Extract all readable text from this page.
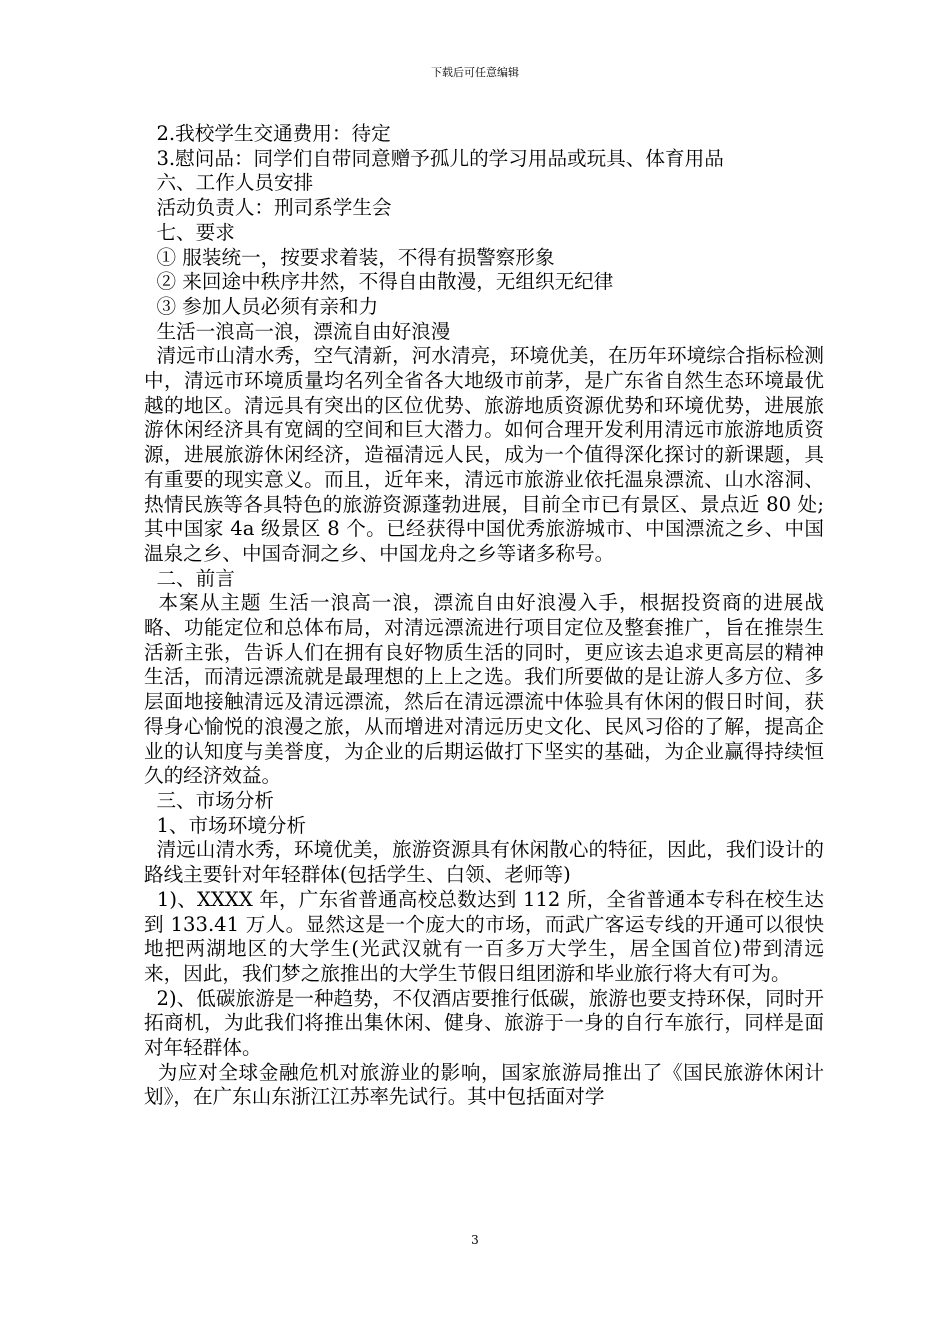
下载后可任意编辑

2.我校学生交通费用：待定

3.慰问品：同学们自带同意赠予孤儿的学习用品或玩具、体育用品

六、工作人员安排

活动负责人：刑司系学生会

七、要求

① 服装统一，按要求着装，不得有损警察形象

② 来回途中秩序井然，不得自由散漫，无组织无纪律

③ 参加人员必须有亲和力

生活一浪高一浪，漂流自由好浪漫

清远市山清水秀，空气清新，河水清亮，环境优美，在历年环境综合指标检测中，清远市环境质量均名列全省各大地级市前茅，是广东省自然生态环境最优越的地区。清远具有突出的区位优势、旅游地质资源优势和环境优势，进展旅游休闲经济具有宽阔的空间和巨大潜力。如何合理开发利用清远市旅游地质资源，进展旅游休闲经济，造福清远人民，成为一个值得深化探讨的新课题，具有重要的现实意义。而且，近年来，清远市旅游业依托温泉漂流、山水溶洞、热情民族等各具特色的旅游资源蓬勃进展，目前全市已有景区、景点近 80 处;其中国家 4a 级景区 8 个。已经获得中国优秀旅游城市、中国漂流之乡、中国温泉之乡、中国奇洞之乡、中国龙舟之乡等诸多称号。

二、前言

本案从主题 生活一浪高一浪，漂流自由好浪漫入手，根据投资商的进展战略、功能定位和总体布局，对清远漂流进行项目定位及整套推广，旨在推崇生活新主张，告诉人们在拥有良好物质生活的同时，更应该去追求更高层的精神生活，而清远漂流就是最理想的上上之选。我们所要做的是让游人多方位、多层面地接触清远及清远漂流，然后在清远漂流中体验具有休闲的假日时间，获得身心愉悦的浪漫之旅，从而增进对清远历史文化、民风习俗的了解，提高企业的认知度与美誉度，为企业的后期运做打下坚实的基础，为企业赢得持续恒久的经济效益。

三、市场分析

1、市场环境分析

清远山清水秀，环境优美，旅游资源具有休闲散心的特征，因此，我们设计的路线主要针对年轻群体(包括学生、白领、老师等)

1)、XXXX 年，广东省普通高校总数达到 112 所，全省普通本专科在校生达到 133.41 万人。显然这是一个庞大的市场，而武广客运专线的开通可以很快地把两湖地区的大学生(光武汉就有一百多万大学生，居全国首位)带到清远来，因此，我们梦之旅推出的大学生节假日组团游和毕业旅行将大有可为。

2)、低碳旅游是一种趋势，不仅酒店要推行低碳，旅游也要支持环保，同时开拓商机，为此我们将推出集休闲、健身、旅游于一身的自行车旅行，同样是面对年轻群体。

为应对全球金融危机对旅游业的影响，国家旅游局推出了《国民旅游休闲计划》，在广东山东浙江江苏率先试行。其中包括面对学

3
